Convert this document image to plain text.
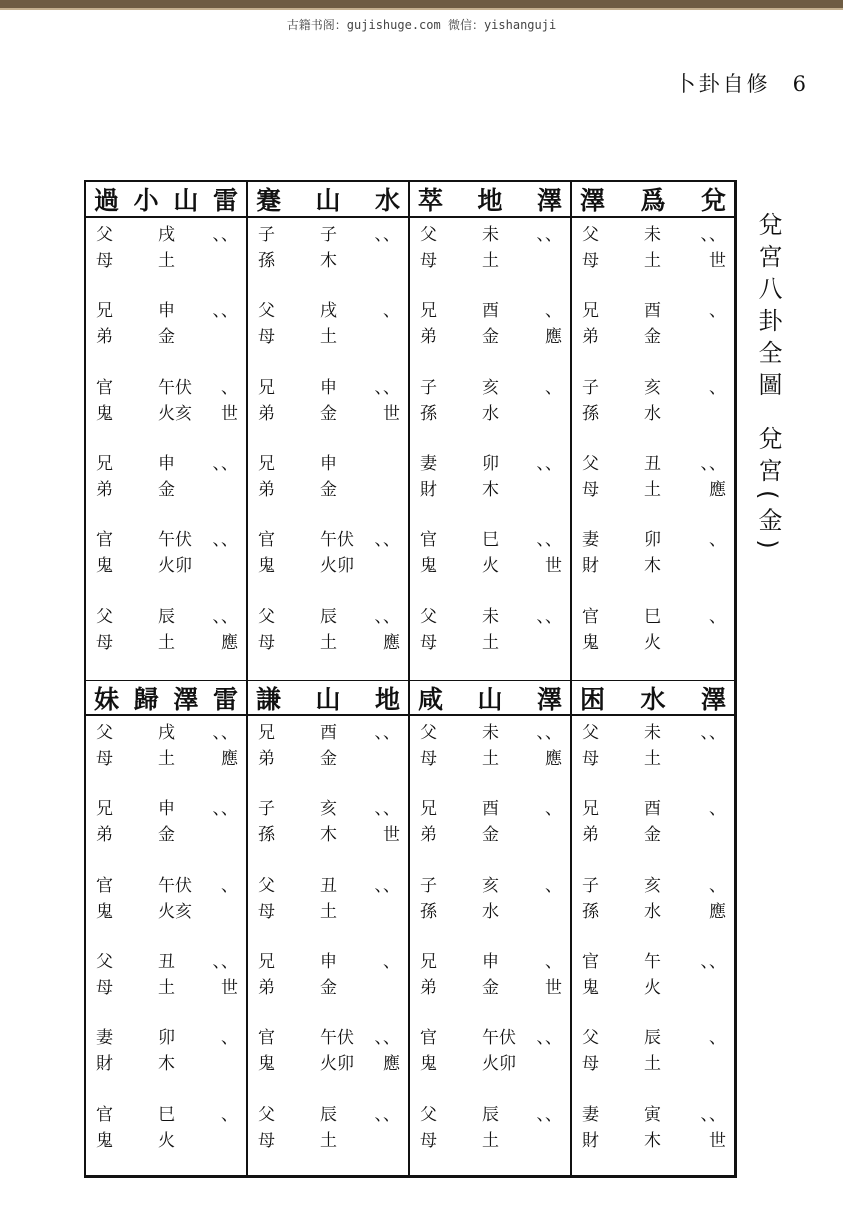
古籍书阁：gujishuge.com 微信：yishanguji
卜卦自修 6
過 小 山 雷 蹇 山 水 萃 地 澤 澤 爲 兌
父
母
戌
土
、、
兄
弟
申
金
、、
官
鬼
午伏
火亥
、
世
兄
弟
申
金
、、
官
鬼
午伏
火卯
、、
父
母
辰
土
、、
應
子
孫
子
木
、、
父
母
戌
土
、
兄
弟
申
金
、、
世
兄
弟
申
金
官
鬼
午伏
火卯
、、
父
母
辰
土
、、
應
父
母
未
土
、、
兄
弟
酉
金
、
應
子
孫
亥
水
、
妻
財
卯
木
、、
官
鬼
巳
火
、、
世
父
母
未
土
、、
父
母
未
土
、、
世
兄
弟
酉
金
、
子
孫
亥
水
、
父
母
丑
土
、、
應
妻
財
卯
木
、
官
鬼
巳
火
、
妹 歸 澤 雷 謙 山 地 咸 山 澤 困 水 澤
父
母
戌
土
、、
應
兄
弟
申
金
、、
官
鬼
午伏
火亥
、
父
母
丑
土
、、
世
妻
財
卯
木
、
官
鬼
巳
火
、
兄
弟
酉
金
、、
子
孫
亥
木
、、
世
父
母
丑
土
、、
兄
弟
申
金
、
官
鬼
午伏
火卯
、、
應
父
母
辰
土
、、
父
母
未
土
、、
應
兄
弟
酉
金
、
子
孫
亥
水
、
兄
弟
申
金
、
世
官
鬼
午伏
火卯
、、
父
母
辰
土
、、
父
母
未
土
、、
兄
弟
酉
金
、
子
孫
亥
水
、
應
官
鬼
午
火
、、
父
母
辰
土
、
妻
財
寅
木
、、
世
兌宮八卦全圖兌宮(金)
